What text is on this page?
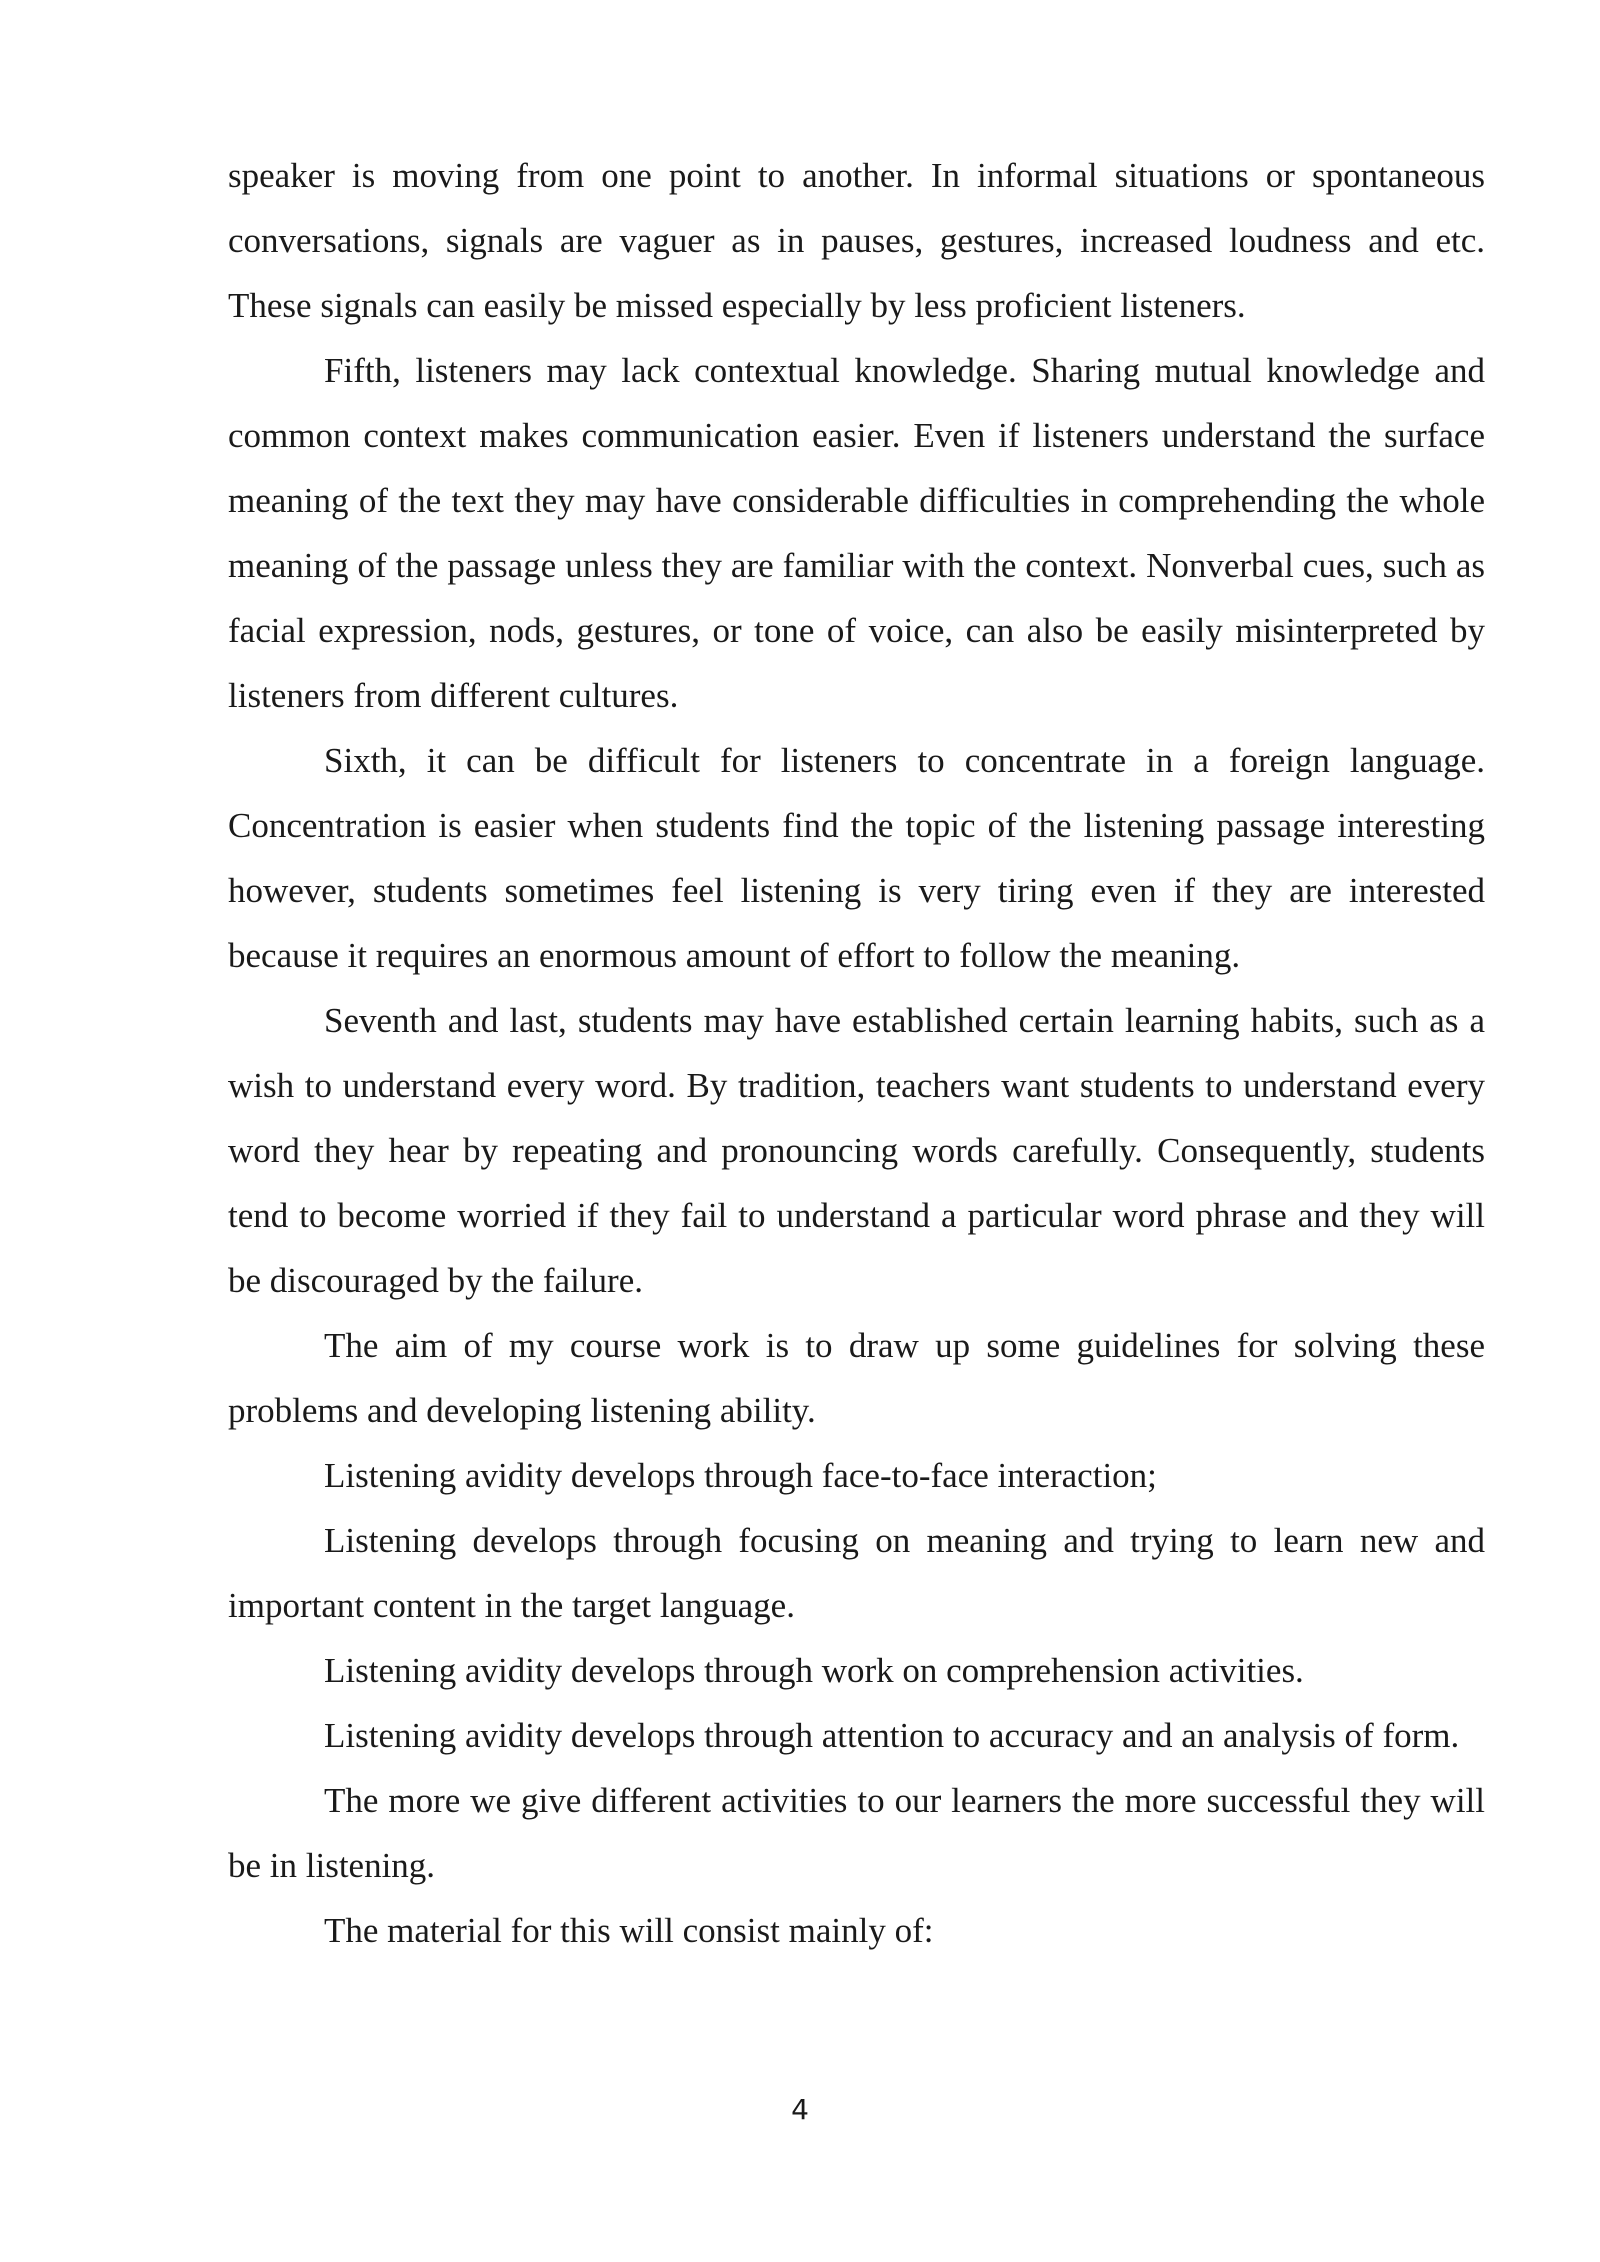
speaker is moving from one point to another. In informal situations or spontaneous conversations, signals are vaguer as in pauses, gestures, increased loudness and etc. These signals can easily be missed especially by less proficient listeners.

Fifth, listeners may lack contextual knowledge. Sharing mutual knowledge and common context makes communication easier. Even if listeners understand the surface meaning of the text they may have considerable difficulties in comprehending the whole meaning of the passage unless they are familiar with the context. Nonverbal cues, such as facial expression, nods, gestures, or tone of voice, can also be easily misinterpreted by listeners from different cultures.

Sixth, it can be difficult for listeners to concentrate in a foreign language. Concentration is easier when students find the topic of the listening passage interesting however, students sometimes feel listening is very tiring even if they are interested because it requires an enormous amount of effort to follow the meaning.

Seventh and last, students may have established certain learning habits, such as a wish to understand every word. By tradition, teachers want students to understand every word they hear by repeating and pronouncing words carefully. Consequently, students tend to become worried if they fail to understand a particular word phrase and they will be discouraged by the failure.

The aim of my course work is to draw up some guidelines for solving these problems and developing listening ability.

Listening avidity develops through face-to-face interaction;

Listening develops through focusing on meaning and trying to learn new and important content in the target language.

Listening avidity develops through work on comprehension activities.

Listening avidity develops through attention to accuracy and an analysis of form.

The more we give different activities to our learners the more successful they will be in listening.

The material for this will consist mainly of:

4
